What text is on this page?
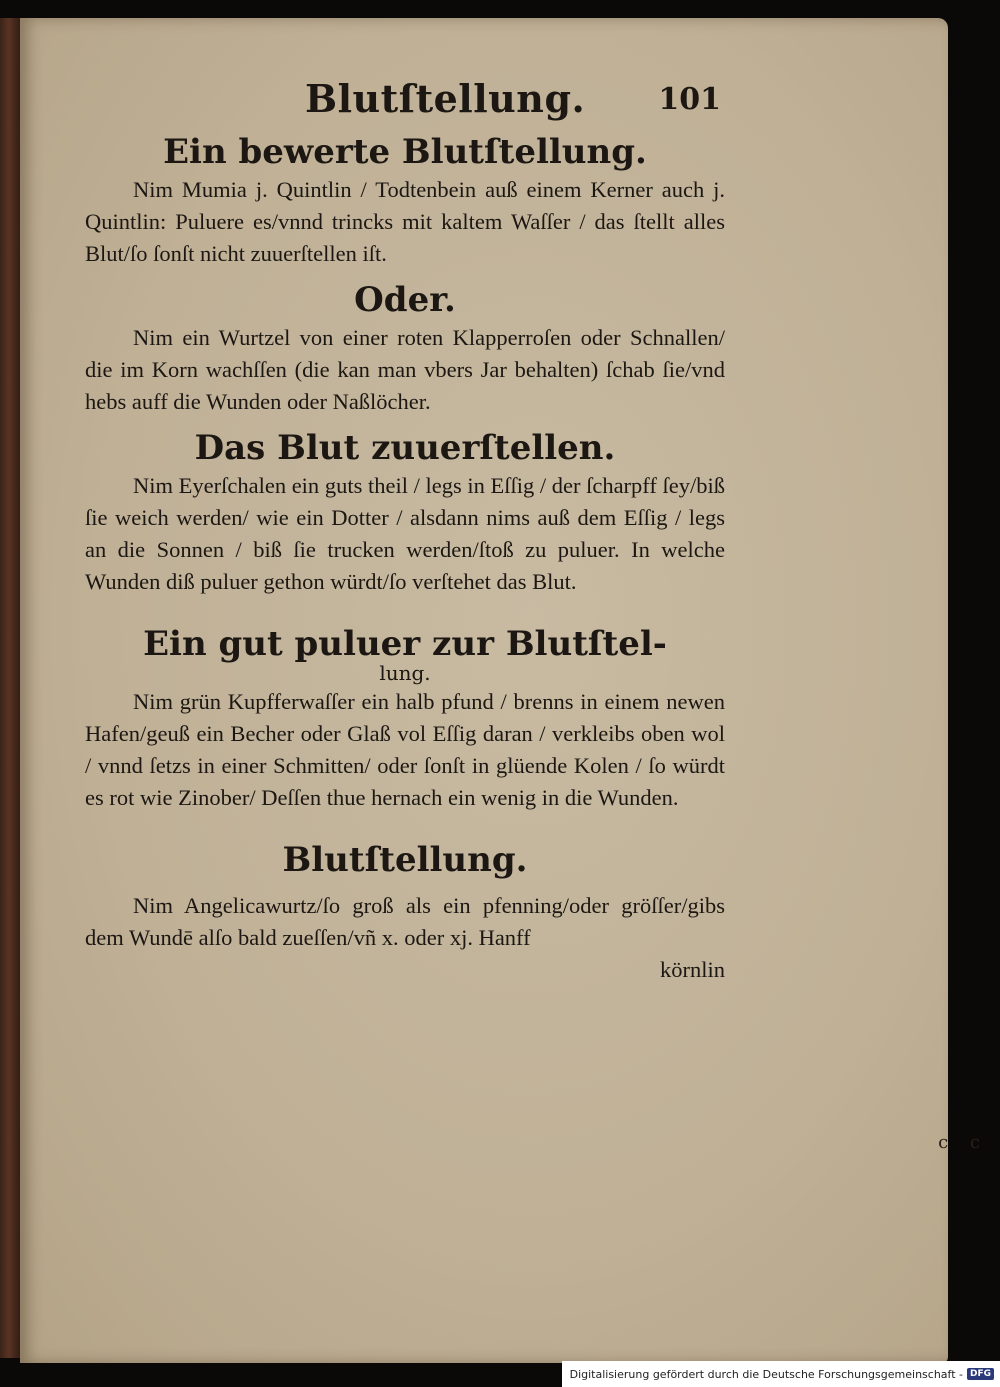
Blutſtellung. 101
Ein bewerte Blutſtellung.

Nim Mumia j. Quintlin / Todtenbein auß einem Kerner auch j. Quintlin: Puluere es/vnnd trincks mit kaltem Waſſer / das ſtellt alles Blut/ſo ſonſt nicht zuuerſtellen iſt.

Oder.

Nim ein Wurtzel von einer roten Klapperroſen oder Schnallen/ die im Korn wachſſen (die kan man vbers Jar behalten) ſchab ſie/vnd hebs auff die Wunden oder Naßlöcher.

Das Blut zuuerſtellen.

Nim Eyerſchalen ein guts theil / legs in Eſſig / der ſcharpff ſey/biß ſie weich werden/ wie ein Dotter / alsdann nims auß dem Eſſig / legs an die Sonnen / biß ſie trucken werden/ſtoß zu puluer. In welche Wunden diß puluer gethon würdt/ſo verſtehet das Blut.

Ein gut puluer zur Blutſtel-
lung.

Nim grün Kupfferwaſſer ein halb pfund / brenns in einem newen Hafen/geuß ein Becher oder Glaß vol Eſſig daran / verkleibs oben wol / vnnd ſetzs in einer Schmitten/ oder ſonſt in glüende Kolen / ſo würdt es rot wie Zinober/ Deſſen thue hernach ein wenig in die Wunden.

Blutſtellung.

Nim Angelicawurtz/ſo groß als ein pfenning/oder gröſſer/gibs dem Wundē alſo bald zueſſen/vñ x. oder xj. Hanff

körnlin
c c
Digitalisierung gefördert durch die Deutsche Forschungsgemeinschaft - DFG
